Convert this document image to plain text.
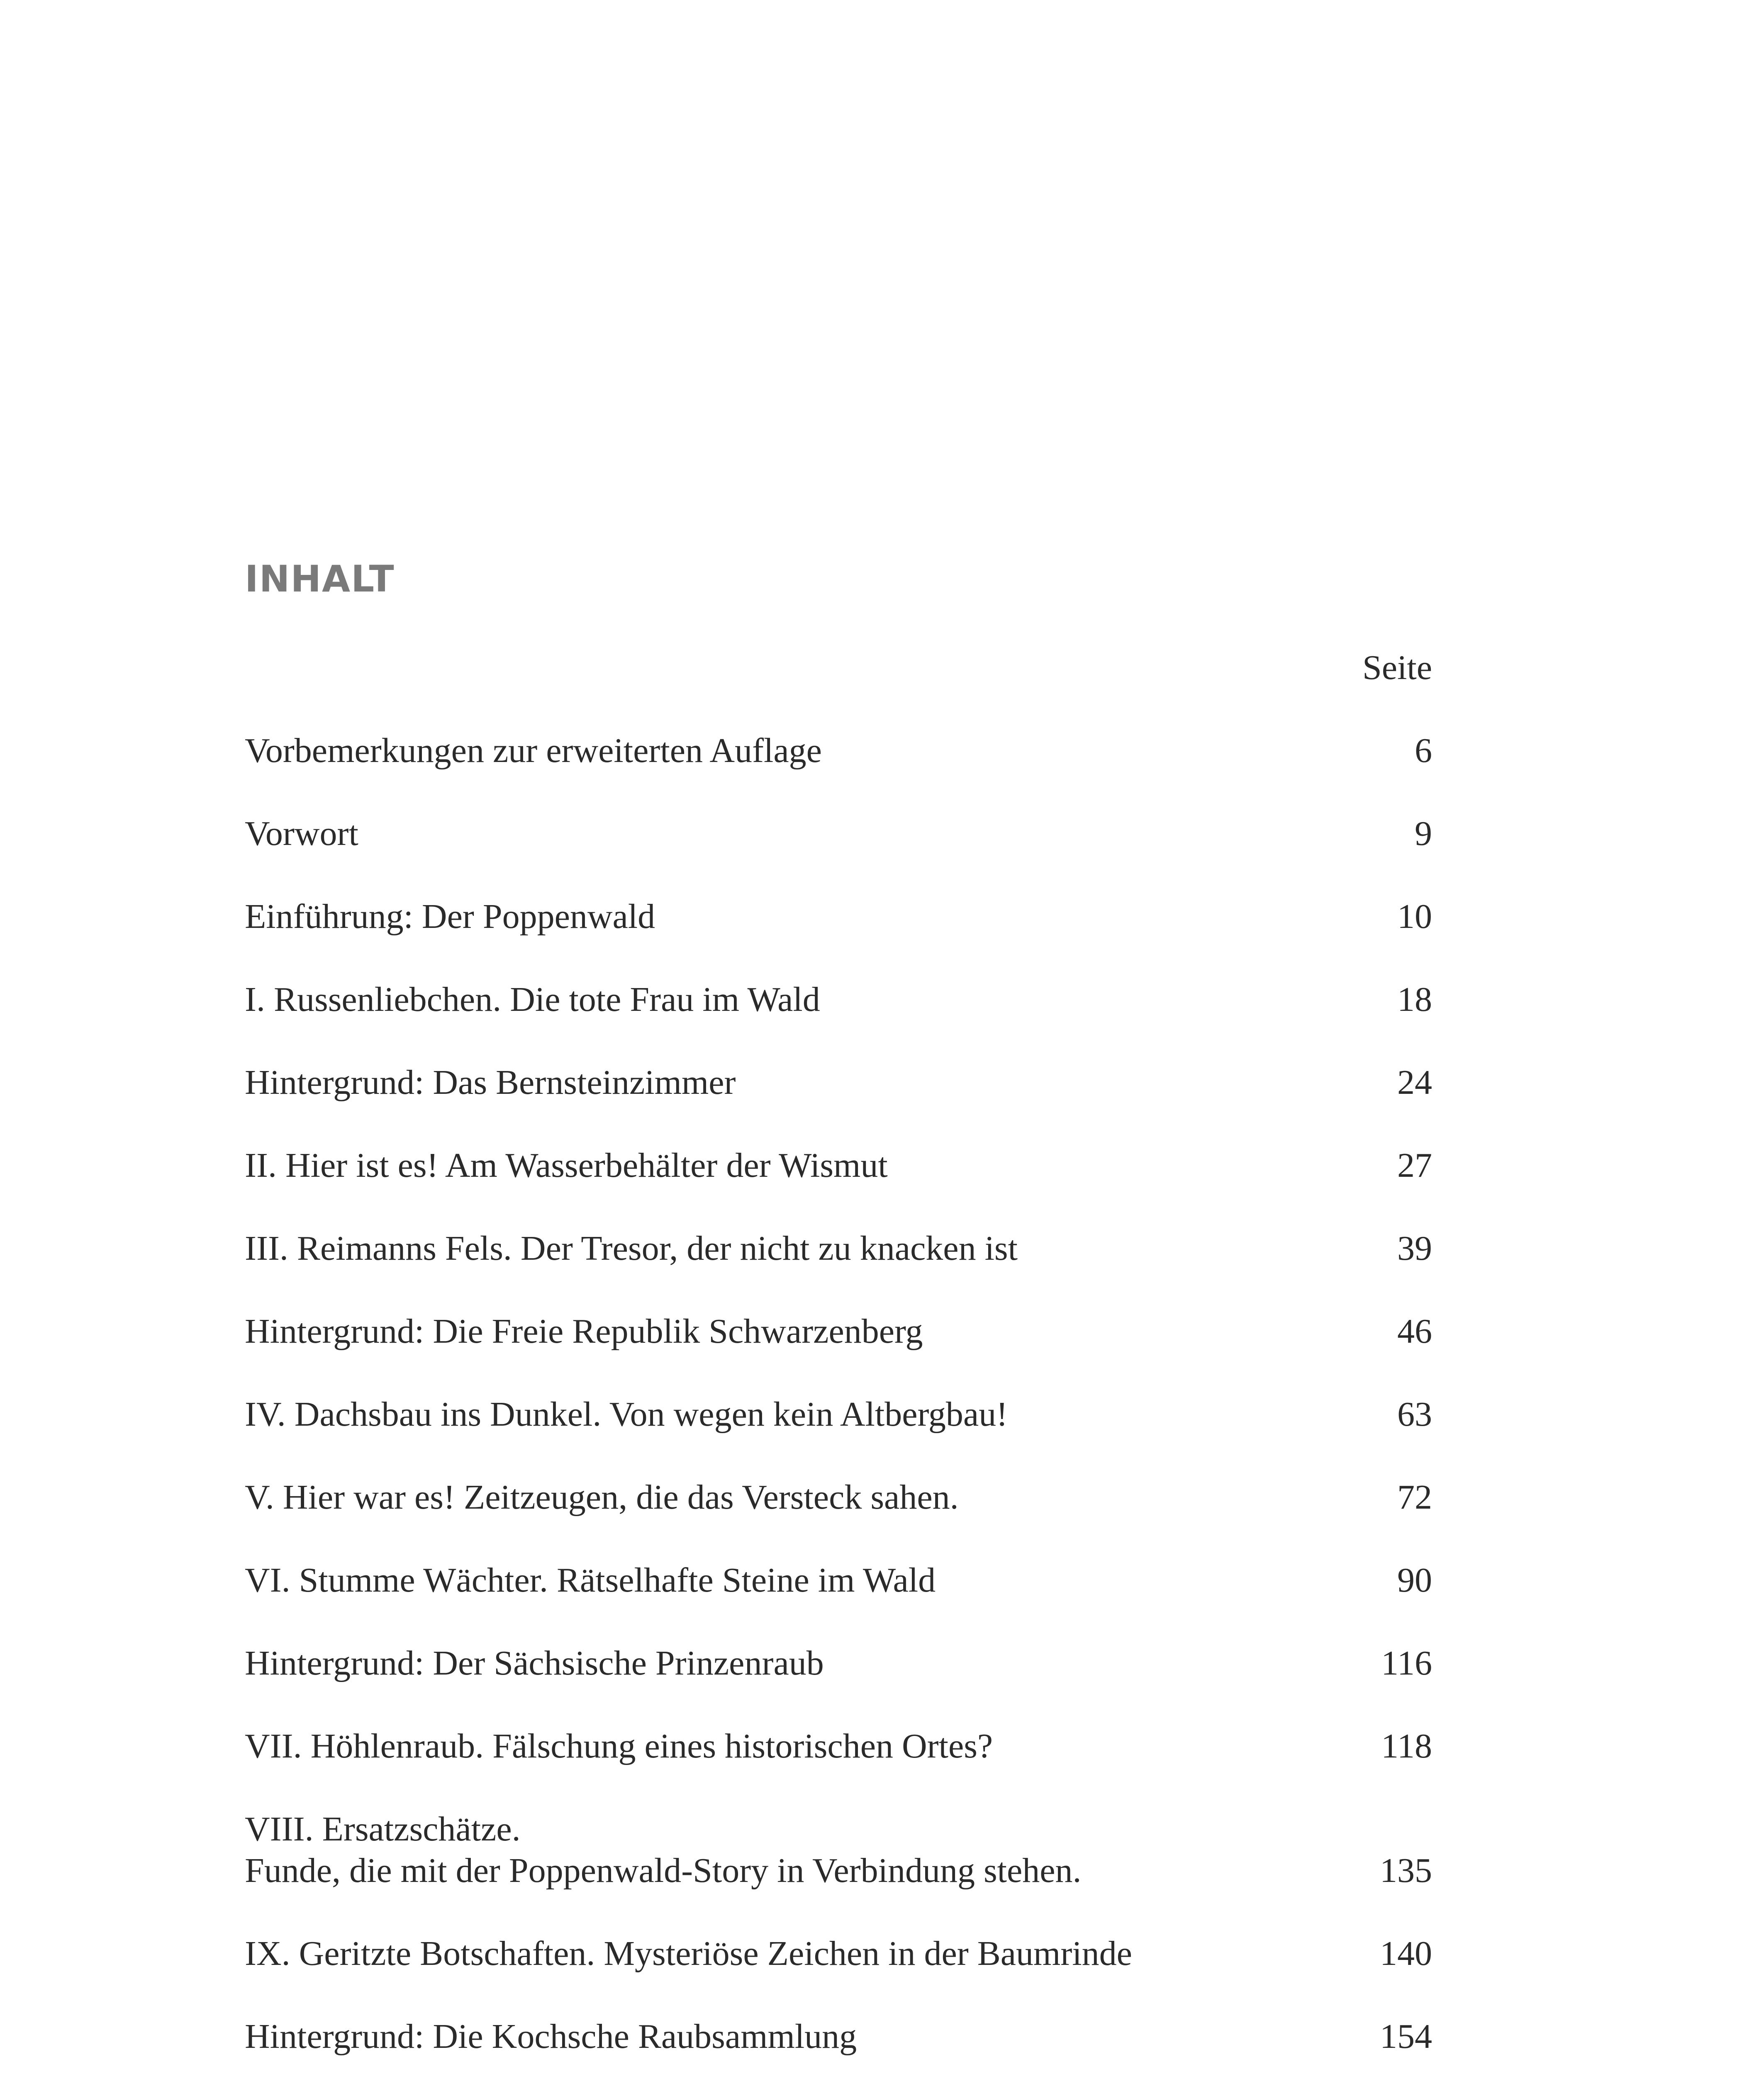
INHALT
Seite
Vorbemerkungen zur erweiterten Auflage	6
Vorwort	9
Einführung: Der Poppenwald	10
I. Russenliebchen. Die tote Frau im Wald	18
Hintergrund: Das Bernsteinzimmer	24
II. Hier ist es! Am Wasserbehälter der Wismut	27
III. Reimanns Fels. Der Tresor, der nicht zu knacken ist	39
Hintergrund: Die Freie Republik Schwarzenberg	46
IV. Dachsbau ins Dunkel. Von wegen kein Altbergbau!	63
V. Hier war es! Zeitzeugen, die das Versteck sahen.	72
VI. Stumme Wächter. Rätselhafte Steine im Wald	90
Hintergrund: Der Sächsische Prinzenraub	116
VII. Höhlenraub. Fälschung eines historischen Ortes?	118
VIII. Ersatzschätze.
Funde, die mit der Poppenwald-Story in Verbindung stehen.	135
IX. Geritzte Botschaften. Mysteriöse Zeichen in der Baumrinde	140
Hintergrund: Die Kochsche Raubsammlung	154
